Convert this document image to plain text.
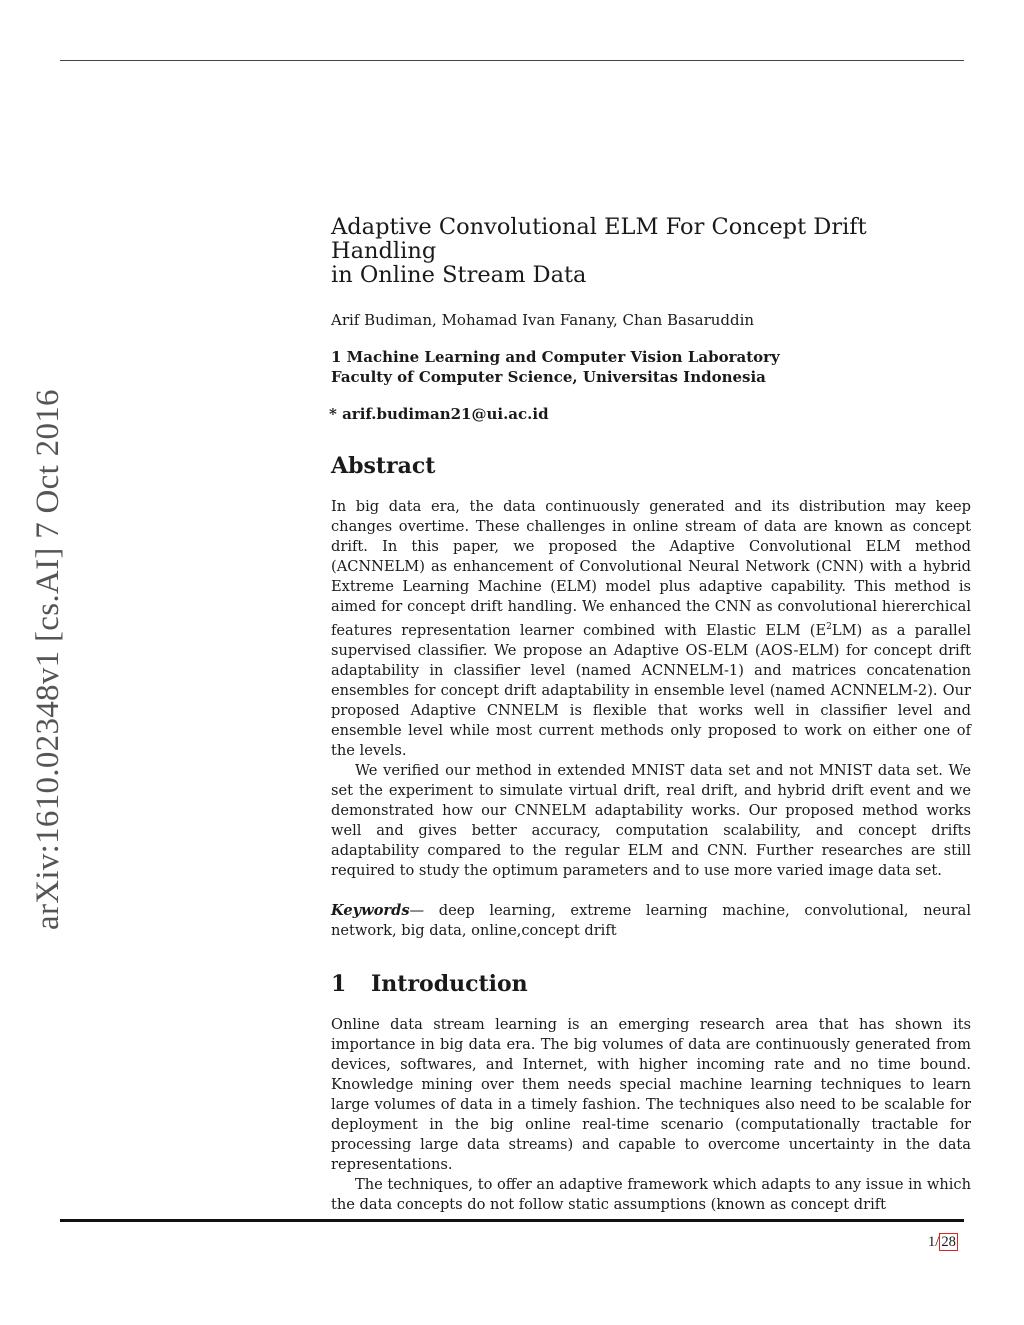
arXiv:1610.02348v1 [cs.AI] 7 Oct 2016
Adaptive Convolutional ELM For Concept Drift Handling
in Online Stream Data
Arif Budiman, Mohamad Ivan Fanany, Chan Basaruddin
1 Machine Learning and Computer Vision Laboratory
Faculty of Computer Science, Universitas Indonesia
* arif.budiman21@ui.ac.id
Abstract

In big data era, the data continuously generated and its distribution may keep changes overtime. These challenges in online stream of data are known as concept drift. In this paper, we proposed the Adaptive Convolutional ELM method (ACNNELM) as enhancement of Convolutional Neural Network (CNN) with a hybrid Extreme Learning Machine (ELM) model plus adaptive capability. This method is aimed for concept drift handling. We enhanced the CNN as convolutional hiererchical features representation learner combined with Elastic ELM $(E^2LM)$ as a parallel supervised classifier. We propose an Adaptive OS-ELM (AOS-ELM) for concept drift adaptability in classifier level (named ACNNELM-1) and matrices concatenation ensembles for concept drift adaptability in ensemble level (named ACNNELM-2). Our proposed Adaptive CNNELM is flexible that works well in classifier level and ensemble level while most current methods only proposed to work on either one of the levels.

We verified our method in extended MNIST data set and not MNIST data set. We set the experiment to simulate virtual drift, real drift, and hybrid drift event and we demonstrated how our CNNELM adaptability works. Our proposed method works well and gives better accuracy, computation scalability, and concept drifts adaptability compared to the regular ELM and CNN. Further researches are still required to study the optimum parameters and to use more varied image data set.

Keywords— deep learning, extreme learning machine, convolutional, neural network, big data, online,concept drift

1 Introduction

Online data stream learning is an emerging research area that has shown its importance in big data era. The big volumes of data are continuously generated from devices, softwares, and Internet, with higher incoming rate and no time bound. Knowledge mining over them needs special machine learning techniques to learn large volumes of data in a timely fashion. The techniques also need to be scalable for deployment in the big online real-time scenario (computationally tractable for processing large data streams) and capable to overcome uncertainty in the data representations.

The techniques, to offer an adaptive framework which adapts to any issue in which the data concepts do not follow static assumptions (known as concept drift

1/ 28
